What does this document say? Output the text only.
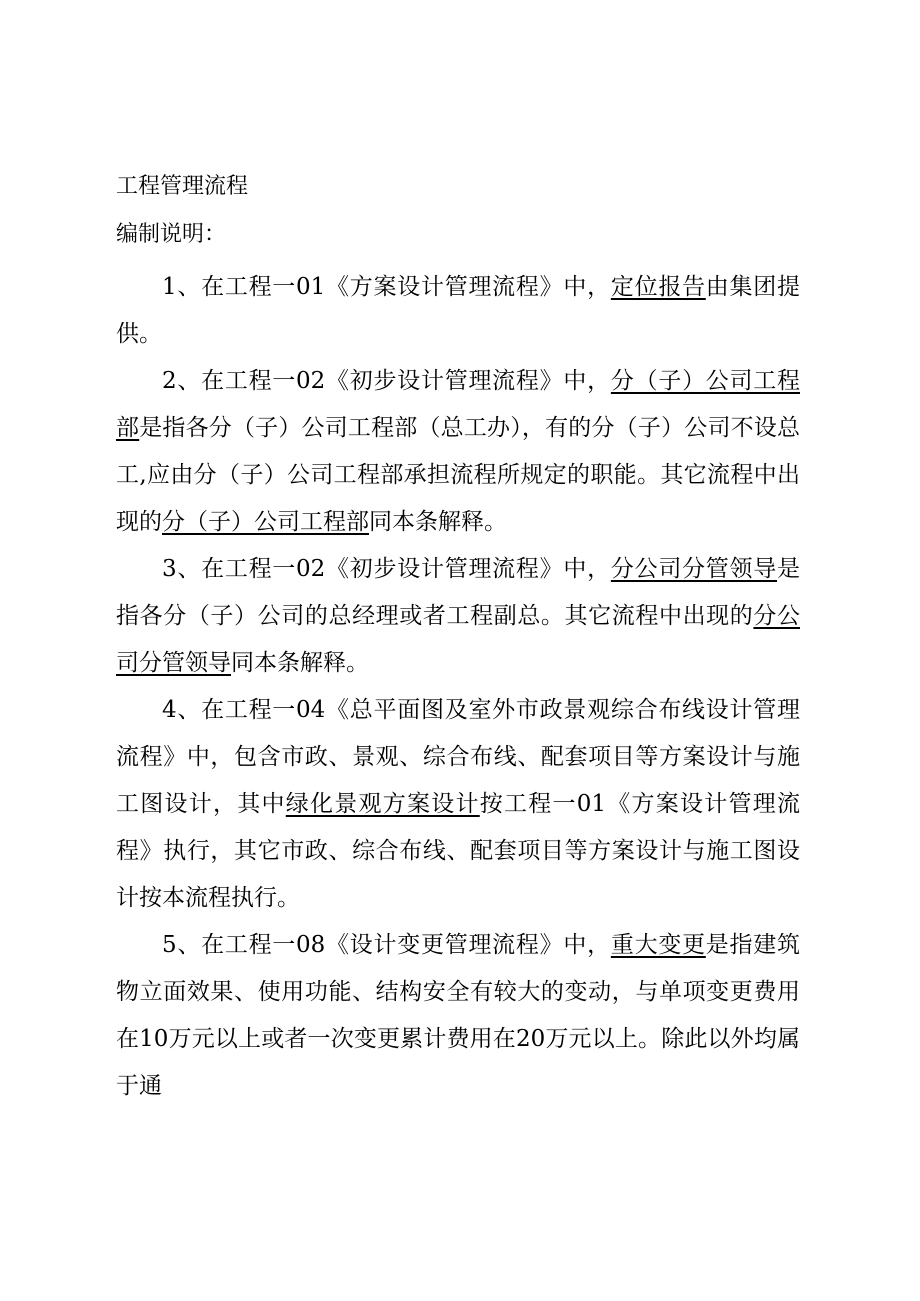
工程管理流程
编制说明：

1、在工程一01《方案设计管理流程》中，定位报告由集团提供。

2、在工程一02《初步设计管理流程》中，分（子）公司工程部是指各分（子）公司工程部（总工办），有的分（子）公司不设总工,应由分（子）公司工程部承担流程所规定的职能。其它流程中出现的分（子）公司工程部同本条解释。

3、在工程一02《初步设计管理流程》中，分公司分管领导是指各分（子）公司的总经理或者工程副总。其它流程中出现的分公司分管领导同本条解释。

4、在工程一04《总平面图及室外市政景观综合布线设计管理流程》中，包含市政、景观、综合布线、配套项目等方案设计与施工图设计，其中绿化景观方案设计按工程一01《方案设计管理流程》执行，其它市政、综合布线、配套项目等方案设计与施工图设计按本流程执行。

5、在工程一08《设计变更管理流程》中，重大变更是指建筑物立面效果、使用功能、结构安全有较大的变动，与单项变更费用在10万元以上或者一次变更累计费用在20万元以上。除此以外均属于通
